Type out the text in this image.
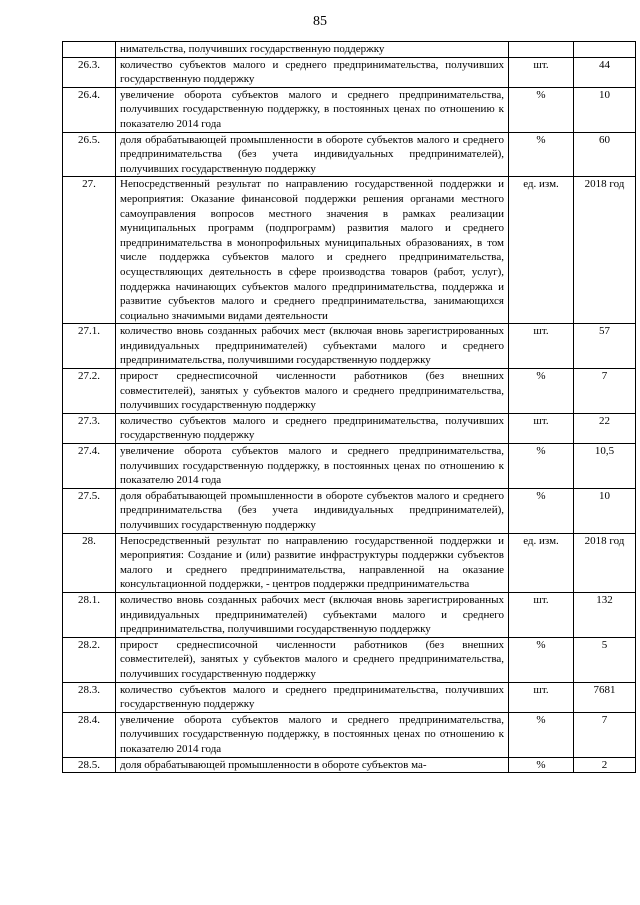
85
	нимательства, получивших государственную поддержку		
26.3.	количество субъектов малого и среднего предпринимательства, получивших государственную поддержку	шт.	44
26.4.	увеличение оборота субъектов малого и среднего предпринимательства, получивших государственную поддержку, в постоянных ценах по отношению к показателю 2014 года	%	10
26.5.	доля обрабатывающей промышленности в обороте субъектов малого и среднего предпринимательства (без учета индивидуальных предпринимателей), получивших государственную поддержку	%	60
27.	Непосредственный результат по направлению государственной поддержки и мероприятия: Оказание финансовой поддержки решения органами местного самоуправления вопросов местного значения в рамках реализации муниципальных программ (подпрограмм) развития малого и среднего предпринимательства в монопрофильных муниципальных образованиях, в том числе поддержка субъектов малого и среднего предпринимательства, осуществляющих деятельность в сфере производства товаров (работ, услуг), поддержка начинающих субъектов малого предпринимательства, поддержка и развитие субъектов малого и среднего предпринимательства, занимающихся социально значимыми видами деятельности	ед. изм.	2018 год
27.1.	количество вновь созданных рабочих мест (включая вновь зарегистрированных индивидуальных предпринимателей) субъектами малого и среднего предпринимательства, получившими государственную поддержку	шт.	57
27.2.	прирост среднесписочной численности работников (без внешних совместителей), занятых у субъектов малого и среднего предпринимательства, получивших государственную поддержку	%	7
27.3.	количество субъектов малого и среднего предпринимательства, получивших государственную поддержку	шт.	22
27.4.	увеличение оборота субъектов малого и среднего предпринимательства, получивших государственную поддержку, в постоянных ценах по отношению к показателю 2014 года	%	10,5
27.5.	доля обрабатывающей промышленности в обороте субъектов малого и среднего предпринимательства (без учета индивидуальных предпринимателей), получивших государственную поддержку	%	10
28.	Непосредственный результат по направлению государственной поддержки и мероприятия: Создание и (или) развитие инфраструктуры поддержки субъектов малого и среднего предпринимательства, направленной на оказание консультационной поддержки, - центров поддержки предпринимательства	ед. изм.	2018 год
28.1.	количество вновь созданных рабочих мест (включая вновь зарегистрированных индивидуальных предпринимателей) субъектами малого и среднего предпринимательства, получившими государственную поддержку	шт.	132
28.2.	прирост среднесписочной численности работников (без внешних совместителей), занятых у субъектов малого и среднего предпринимательства, получивших государственную поддержку	%	5
28.3.	количество субъектов малого и среднего предпринимательства, получивших государственную поддержку	шт.	7681
28.4.	увеличение оборота субъектов малого и среднего предпринимательства, получивших государственную поддержку, в постоянных ценах по отношению к показателю 2014 года	%	7
28.5.	доля обрабатывающей промышленности в обороте субъектов ма-	%	2
